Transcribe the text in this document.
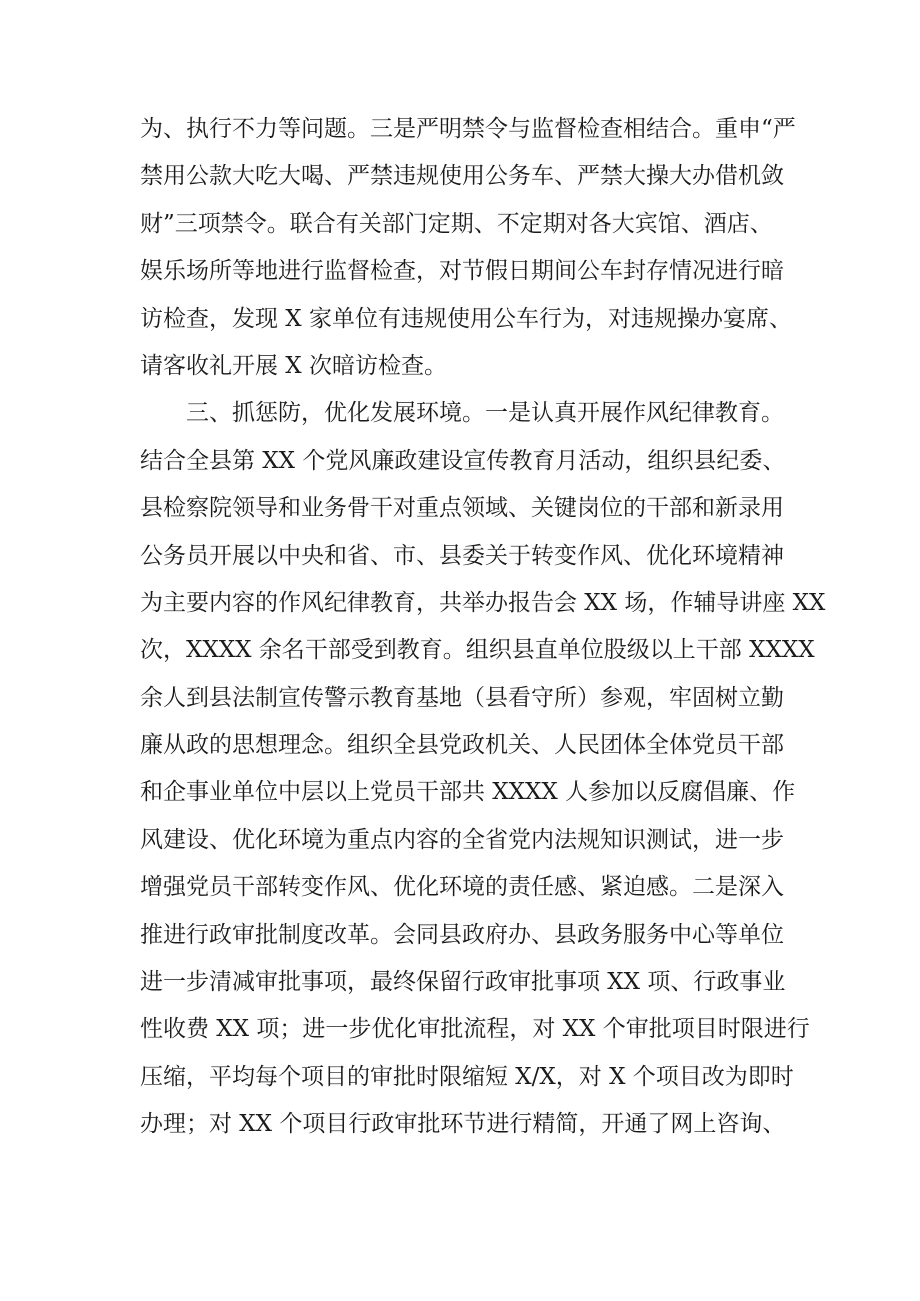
为、执行不力等问题。三是严明禁令与监督检查相结合。重申“严
禁用公款大吃大喝、严禁违规使用公务车、严禁大操大办借机敛
财”三项禁令。联合有关部门定期、不定期对各大宾馆、酒店、
娱乐场所等地进行监督检查，对节假日期间公车封存情况进行暗
访检查，发现 X 家单位有违规使用公车行为，对违规操办宴席、
请客收礼开展 X 次暗访检查。
三、抓惩防，优化发展环境。一是认真开展作风纪律教育。
结合全县第 XX 个党风廉政建设宣传教育月活动，组织县纪委、
县检察院领导和业务骨干对重点领域、关键岗位的干部和新录用
公务员开展以中央和省、市、县委关于转变作风、优化环境精神
为主要内容的作风纪律教育，共举办报告会 XX 场，作辅导讲座 XX
次，XXXX 余名干部受到教育。组织县直单位股级以上干部 XXXX
余人到县法制宣传警示教育基地（县看守所）参观，牢固树立勤
廉从政的思想理念。组织全县党政机关、人民团体全体党员干部
和企事业单位中层以上党员干部共 XXXX 人参加以反腐倡廉、作
风建设、优化环境为重点内容的全省党内法规知识测试，进一步
增强党员干部转变作风、优化环境的责任感、紧迫感。二是深入
推进行政审批制度改革。会同县政府办、县政务服务中心等单位
进一步清减审批事项，最终保留行政审批事项 XX 项、行政事业
性收费 XX 项；进一步优化审批流程，对 XX 个审批项目时限进行
压缩，平均每个项目的审批时限缩短 X/X，对 X 个项目改为即时
办理；对 XX 个项目行政审批环节进行精简，开通了网上咨询、
